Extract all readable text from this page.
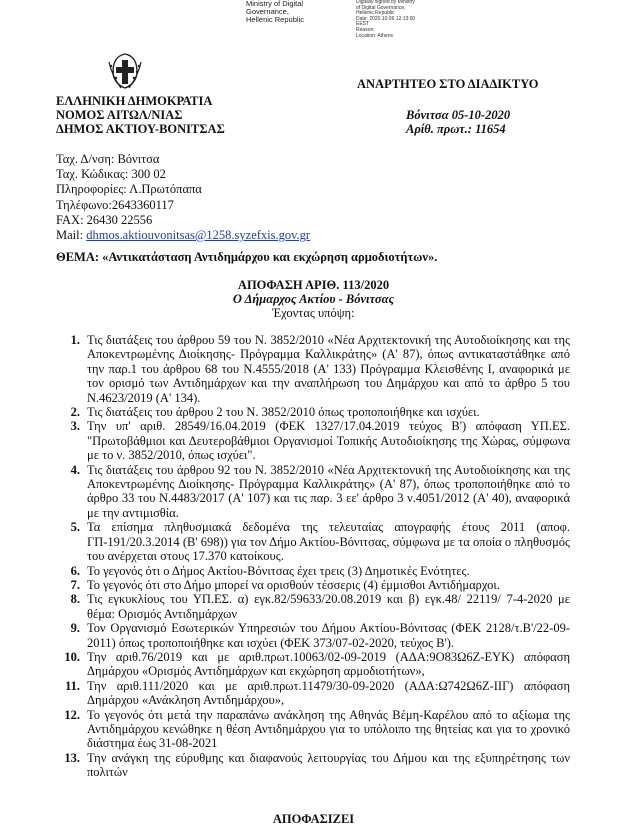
Ministry of Digital
Governance,
Hellenic Republic
Digitally signed by Ministry
of Digital Governance,
Hellenic Republic
Date: 2020.10.06 12:13:00
EEST
Reason:
Location: Athens
ΕΛΛΗΝΙΚΗ ΔΗΜΟΚΡΑΤΙΑ
ΝΟΜΟΣ ΑΙΤΩΛ/ΝΙΑΣ
ΔΗΜΟΣ ΑΚΤΙΟΥ-ΒΟΝΙΤΣΑΣ
ΑΝΑΡΤΗΤΕΟ ΣΤΟ ΔΙΑΔΙΚΤΥΟ
Βόνιτσα 05-10-2020
Αρίθ. πρωτ.: 11654
Ταχ. Δ/νση: Βόνιτσα
Ταχ. Κώδικας: 300 02
Πληροφορίες: Λ.Πρωτόπαπα
Τηλέφωνο:2643360117
FAX: 26430 22556
Mail: dhmos.aktiouvonitsas@1258.syzefxis.gov.gr
ΘΕΜΑ: «Αντικατάσταση Αντιδημάρχου και εκχώρηση αρμοδιοτήτων».
ΑΠΟΦΑΣΗ ΑΡΙΘ. 113/2020
Ο Δήμαρχος Ακτίου - Βόνιτσας
Έχοντας υπόψη:
1. Τις διατάξεις του άρθρου 59 του Ν. 3852/2010 «Νέα Αρχιτεκτονική της Αυτοδιοίκησης και της Αποκεντρωμένης Διοίκησης- Πρόγραμμα Καλλικράτης» (Α' 87), όπως αντικαταστάθηκε από την παρ.1 του άρθρου 68 του Ν.4555/2018 (Α' 133) Πρόγραμμα Κλεισθένης Ι, αναφορικά με τον ορισμό των Αντιδημάρχων και την αναπλήρωση του Δημάρχου και από το άρθρο 5 του Ν.4623/2019 (Α' 134).
2. Τις διατάξεις του άρθρου 2 του Ν. 3852/2010 όπως τροποποιήθηκε και ισχύει.
3. Την υπ' αριθ. 28549/16.04.2019 (ΦΕΚ 1327/17.04.2019 τεύχος Β') απόφαση ΥΠ.ΕΣ. "Πρωτοβάθμιοι και Δευτεροβάθμιοι Οργανισμοί Τοπικής Αυτοδιοίκησης της Χώρας, σύμφωνα με το ν. 3852/2010, όπως ισχύει".
4. Τις διατάξεις του άρθρου 92 του Ν. 3852/2010 «Νέα Αρχιτεκτονική της Αυτοδιοίκησης και της Αποκεντρωμένης Διοίκησης- Πρόγραμμα Καλλικράτης» (Α' 87), όπως τροποποιήθηκε από το άρθρο 33 του Ν.4483/2017 (Α' 107) και τις παρ. 3 εε' άρθρο 3 ν.4051/2012 (Α' 40), αναφορικά με την αντιμισθία.
5. Τα επίσημα πληθυσμιακά δεδομένα της τελευταίας απογραφής έτους 2011 (αποφ. ΓΠ-191/20.3.2014 (Β' 698)) για τον Δήμο Ακτίου-Βόνιτσας, σύμφωνα με τα οποία ο πληθυσμός του ανέρχεται στους 17.370 κατοίκους.
6. Το γεγονός ότι ο Δήμος Ακτίου-Βόνιτσας έχει τρεις (3) Δημοτικές Ενότητες.
7. Το γεγονός ότι στο Δήμο μπορεί να ορισθούν τέσσερις (4) έμμισθοι Αντιδήμαρχοι.
8. Τις εγκυκλίους του ΥΠ.ΕΣ. α) εγκ.82/59633/20.08.2019 και β) εγκ.48/ 22119/ 7-4-2020 με θέμα: Ορισμός Αντιδημάρχων
9. Τον Οργανισμό Εσωτερικών Υπηρεσιών του Δήμου Ακτίου-Βόνιτσας (ΦΕΚ 2128/τ.Β'/22-09-2011) όπως τροποποιήθηκε και ισχύει (ΦΕΚ 373/07-02-2020, τεύχος Β').
10. Την αριθ.76/2019 και με αριθ.πρωτ.10063/02-09-2019 (ΑΔΑ:9Ο83Ω6Ζ-ΕΥΚ) απόφαση Δημάρχου «Ορισμός Αντιδημάρχων και εκχώρηση αρμοδιοτήτων»,
11. Την αριθ.111/2020 και με αριθ.πρωτ.11479/30-09-2020 (ΑΔΑ:Ω742Ω6Ζ-ΙΙΓ) απόφαση Δημάρχου «Ανάκληση Αντιδημάρχου»,
12. Το γεγονός ότι μετά την παραπάνω ανάκληση της Αθηνάς Βέμη-Καρέλου από το αξίωμα της Αντιδημάρχου κενώθηκε η θέση Αντιδημάρχου για το υπόλοιπο της θητείας και για το χρονικό διάστημα έως 31-08-2021
13. Την ανάγκη της εύρυθμης και διαφανούς λειτουργίας του Δήμου και της εξυπηρέτησης των πολιτών
ΑΠΟΦΑΣΙΖΕΙ
